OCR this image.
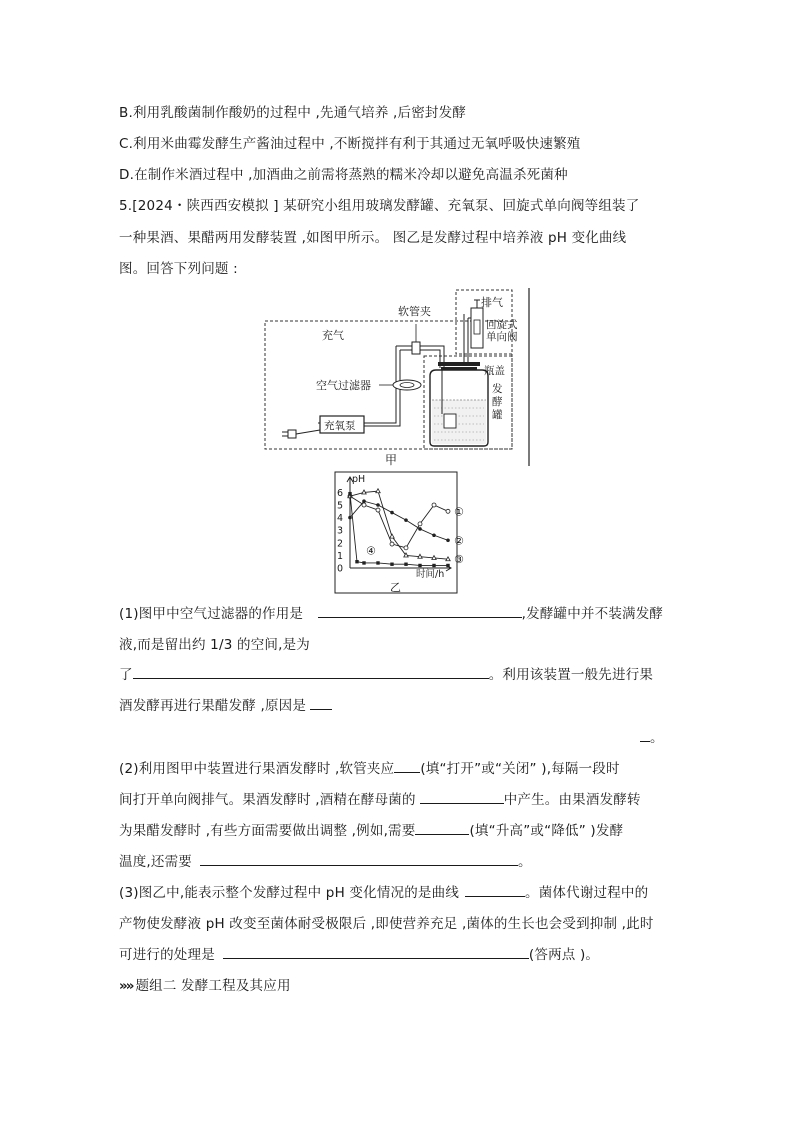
B.利用乳酸菌制作酸奶的过程中 ,先通气培养 ,后密封发酵
C.利用米曲霉发酵生产酱油过程中 ,不断搅拌有利于其通过无氧呼吸快速繁殖
D.在制作米酒过程中 ,加酒曲之前需将蒸熟的糯米冷却以避免高温杀死菌种
5.[2024・陕西西安模拟 ] 某研究小组用玻璃发酵罐、充氧泵、回旋式单向阀等组装了
一种果酒、果醋两用发酵装置 ,如图甲所示。 图乙是发酵过程中培养液 pH 变化曲线
图。回答下列问题 :
软管夹
排气
回旋式
单向阀
充气
空气过滤器
充氧泵
瓶盖
发
酵
罐
甲
0
1
2
3
4
5
6
①
②
③
④
pH
时间/h
乙
(1)图甲中空气过滤器的作用是	,发酵罐中并不装满发酵
液,而是留出约 1/3 的空间,是为
了	。利用该装置一般先进行果
酒发酵再进行果醋发酵 ,原因是
。
(2)利用图甲中装置进行果酒发酵时 ,软管夹应 (填“打开”或“关闭” ),每隔一段时
间打开单向阀排气。果酒发酵时 ,酒精在酵母菌的	中产生。由果酒发酵转
为果醋发酵时 ,有些方面需要做出调整 ,例如,需要	(填“升高”或“降低” )发酵
温度,还需要	。
(3)图乙中,能表示整个发酵过程中 pH 变化情况的是曲线	。菌体代谢过程中的
产物使发酵液 pH 改变至菌体耐受极限后 ,即使营养充足 ,菌体的生长也会受到抑制 ,此时
可进行的处理是	(答两点 )。
»» 题组二 发酵工程及其应用
